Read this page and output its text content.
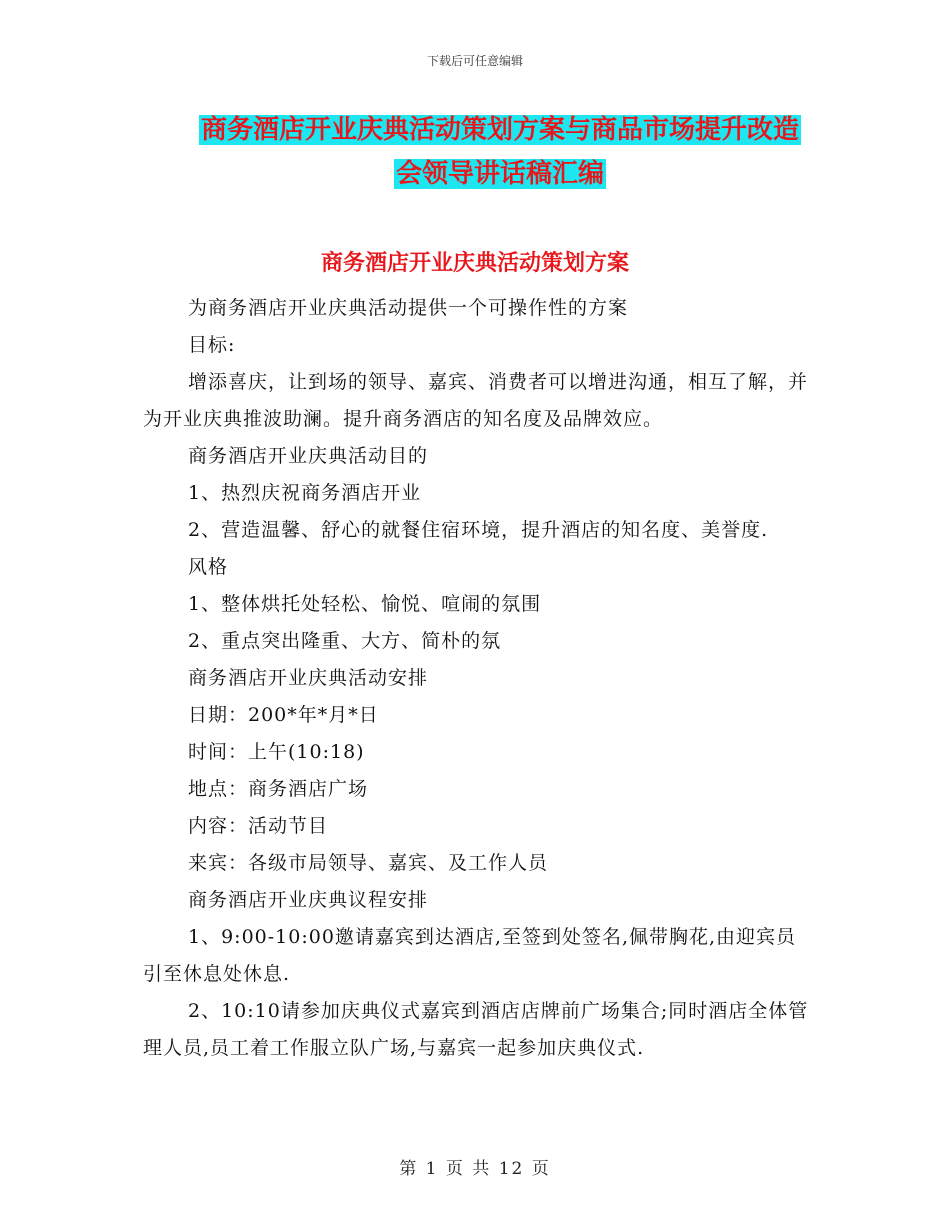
下载后可任意编辑
商务酒店开业庆典活动策划方案与商品市场提升改造
会领导讲话稿汇编
商务酒店开业庆典活动策划方案

为商务酒店开业庆典活动提供一个可操作性的方案

目标:

增添喜庆，让到场的领导、嘉宾、消费者可以增进沟通，相互了解，并为开业庆典推波助澜。提升商务酒店的知名度及品牌效应。

商务酒店开业庆典活动目的

1、热烈庆祝商务酒店开业

2、营造温馨、舒心的就餐住宿环境，提升酒店的知名度、美誉度.

风格

1、整体烘托处轻松、愉悦、喧闹的氛围

2、重点突出隆重、大方、简朴的氛

商务酒店开业庆典活动安排

日期：200*年*月*日

时间：上午(10:18)

地点：商务酒店广场

内容：活动节目

来宾：各级市局领导、嘉宾、及工作人员

商务酒店开业庆典议程安排

1、9:00-10:00邀请嘉宾到达酒店,至签到处签名,佩带胸花,由迎宾员引至休息处休息.

2、10:10请参加庆典仪式嘉宾到酒店店牌前广场集合;同时酒店全体管理人员,员工着工作服立队广场,与嘉宾一起参加庆典仪式.

第 1 页 共 12 页
